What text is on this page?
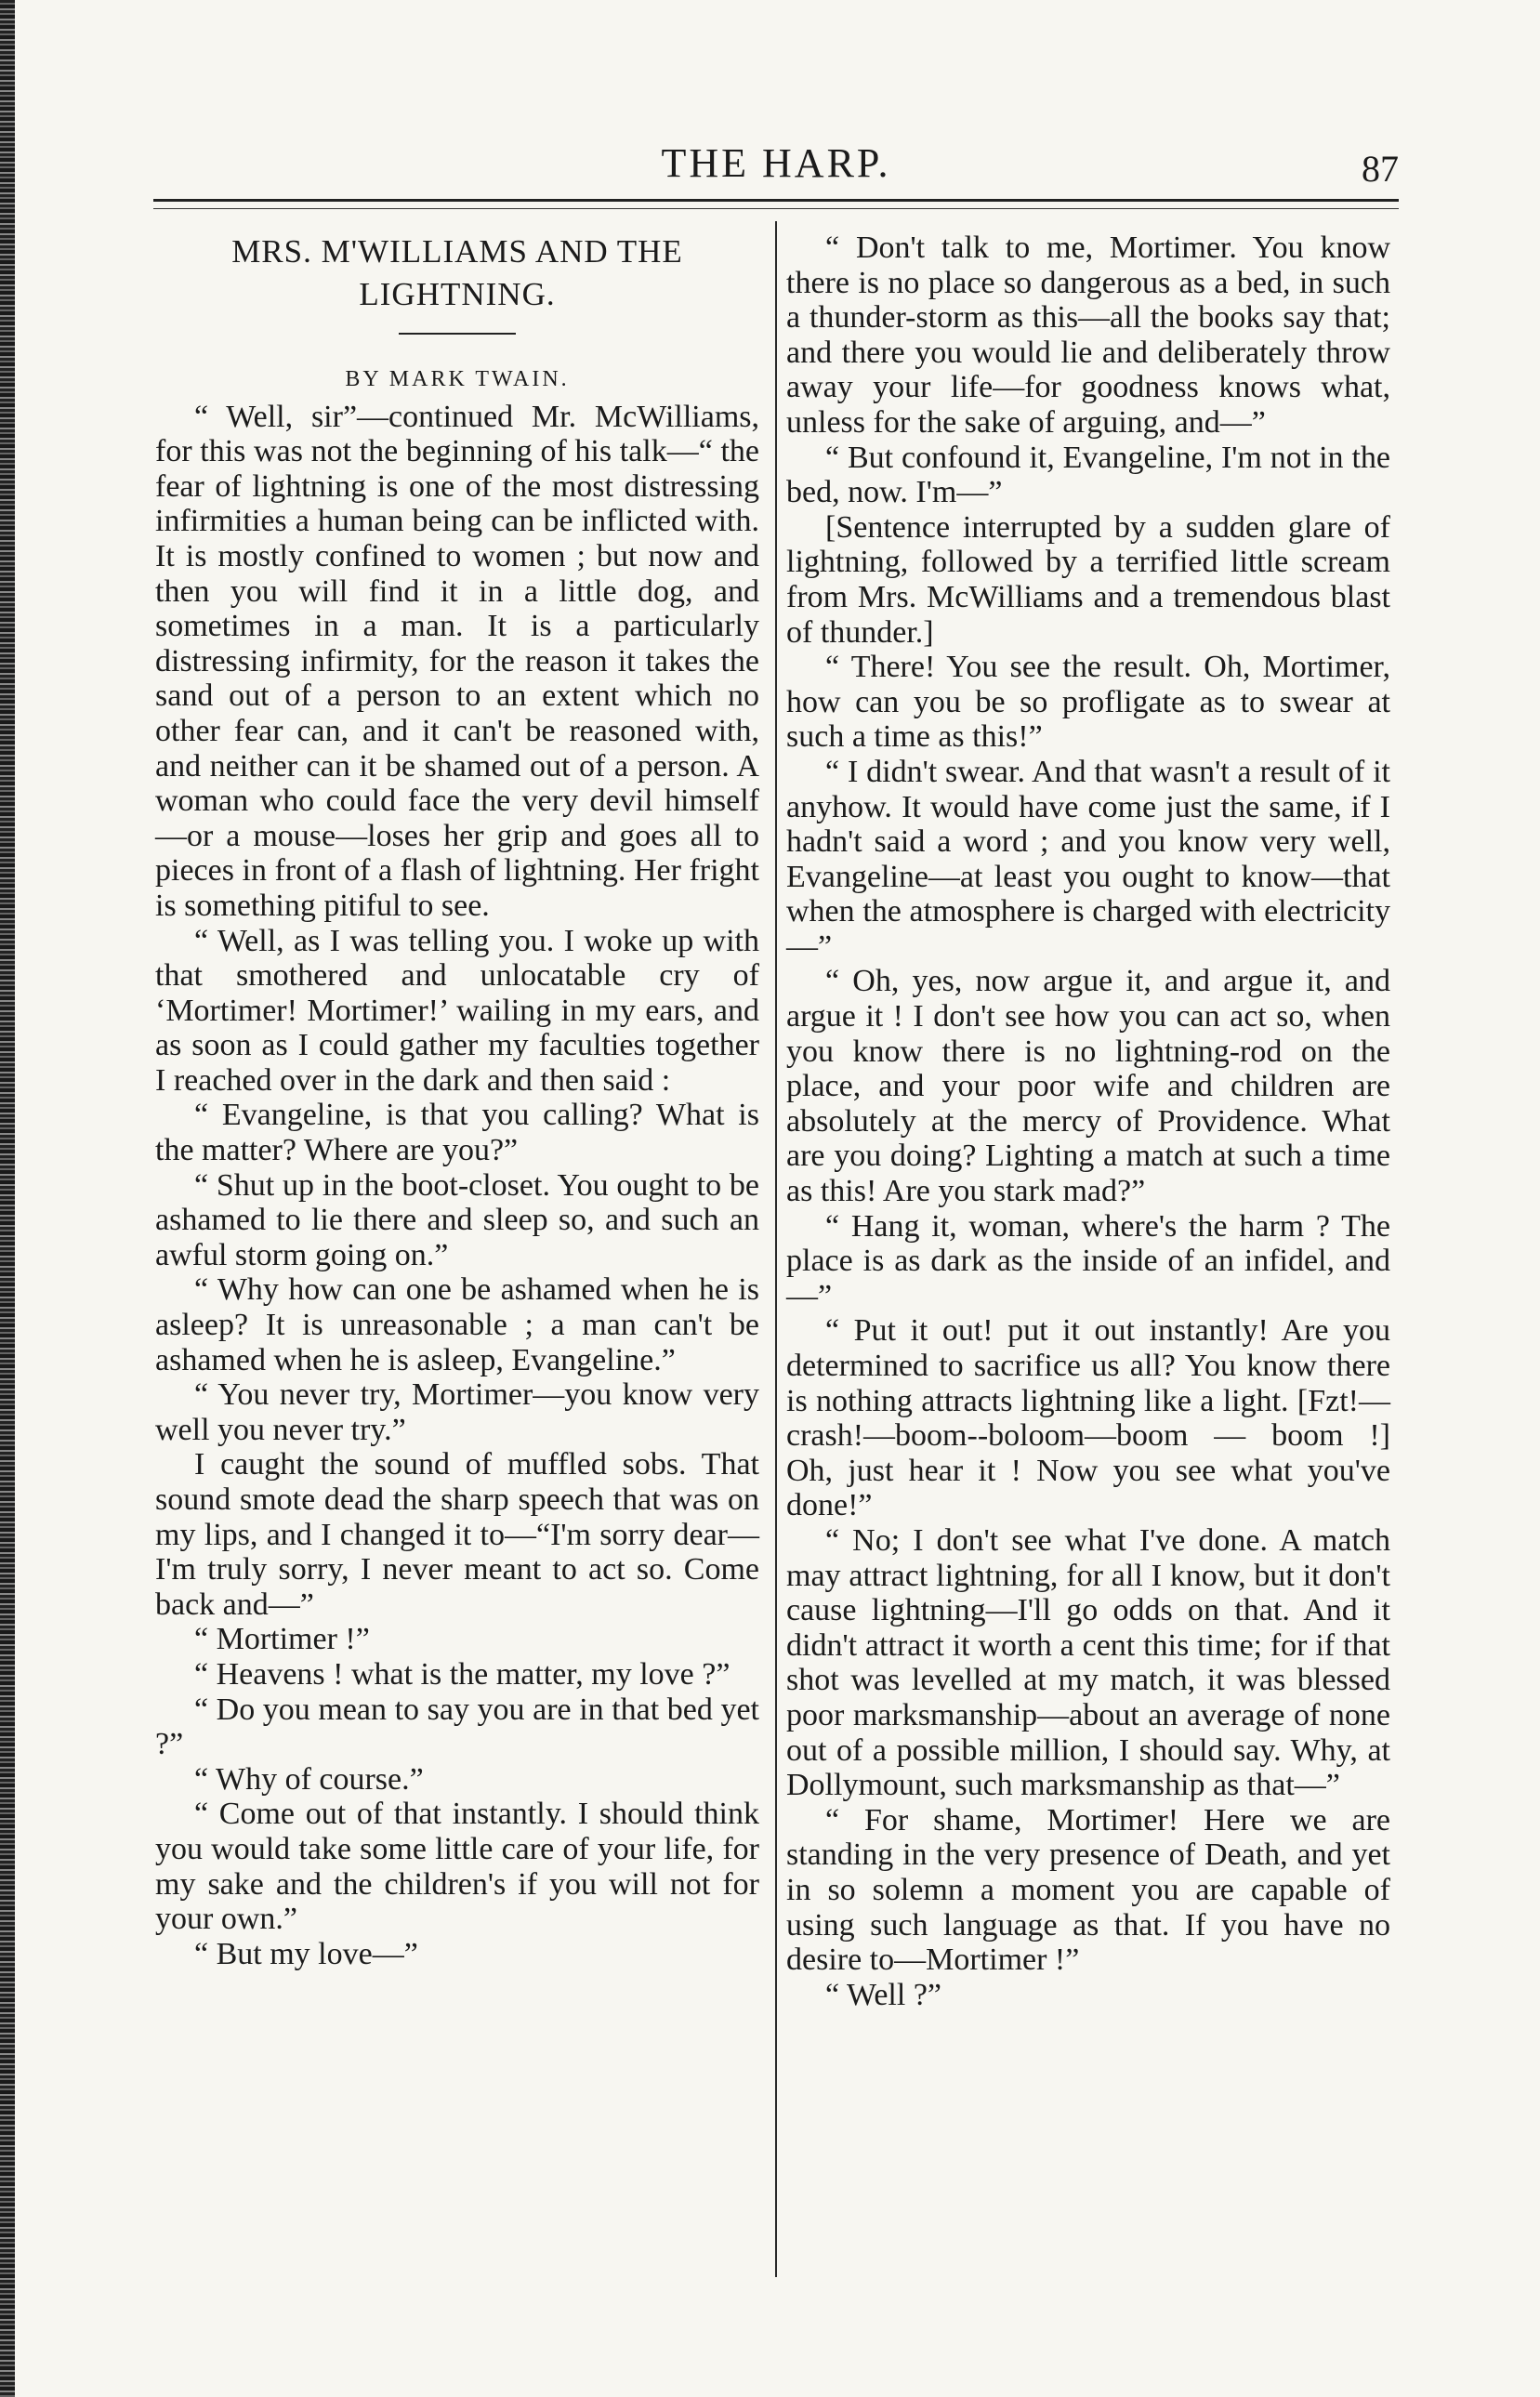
THE HARP.	87
MRS. M'WILLIAMS AND THE LIGHTNING.
BY MARK TWAIN.

“ Well, sir”—continued Mr. McWilliams, for this was not the beginning of his talk—“ the fear of lightning is one of the most distressing infirmities a human being can be inflicted with. It is mostly confined to women ; but now and then you will find it in a little dog, and sometimes in a man. It is a particularly distressing infirmity, for the reason it takes the sand out of a person to an extent which no other fear can, and it can't be reasoned with, and neither can it be shamed out of a person. A woman who could face the very devil himself—or a mouse—loses her grip and goes all to pieces in front of a flash of lightning. Her fright is something pitiful to see.

“ Well, as I was telling you. I woke up with that smothered and unlocatable cry of ‘Mortimer! Mortimer!’ wailing in my ears, and as soon as I could gather my faculties together I reached over in the dark and then said :

“ Evangeline, is that you calling? What is the matter? Where are you?”

“ Shut up in the boot-closet. You ought to be ashamed to lie there and sleep so, and such an awful storm going on.”

“ Why how can one be ashamed when he is asleep? It is unreasonable ; a man can't be ashamed when he is asleep, Evangeline.”

“ You never try, Mortimer—you know very well you never try.”

I caught the sound of muffled sobs. That sound smote dead the sharp speech that was on my lips, and I changed it to—“I'm sorry dear—I'm truly sorry, I never meant to act so. Come back and—”

“ Mortimer !”

“ Heavens ! what is the matter, my love ?”

“ Do you mean to say you are in that bed yet ?”

“ Why of course.”

“ Come out of that instantly. I should think you would take some little care of your life, for my sake and the children's if you will not for your own.”

“ But my love—”

“ Don't talk to me, Mortimer. You know there is no place so dangerous as a bed, in such a thunder-storm as this—all the books say that; and there you would lie and deliberately throw away your life—for goodness knows what, unless for the sake of arguing, and—”

“ But confound it, Evangeline, I'm not in the bed, now. I'm—”

[Sentence interrupted by a sudden glare of lightning, followed by a terrified little scream from Mrs. McWilliams and a tremendous blast of thunder.]

“ There! You see the result. Oh, Mortimer, how can you be so profligate as to swear at such a time as this!”

“ I didn't swear. And that wasn't a result of it anyhow. It would have come just the same, if I hadn't said a word ; and you know very well, Evangeline—at least you ought to know—that when the atmosphere is charged with electricity—”

“ Oh, yes, now argue it, and argue it, and argue it ! I don't see how you can act so, when you know there is no lightning-rod on the place, and your poor wife and children are absolutely at the mercy of Providence. What are you doing? Lighting a match at such a time as this! Are you stark mad?”

“ Hang it, woman, where's the harm ? The place is as dark as the inside of an infidel, and—”

“ Put it out! put it out instantly! Are you determined to sacrifice us all? You know there is nothing attracts lightning like a light. [Fzt!—crash!—boom--boloom—boom — boom !] Oh, just hear it ! Now you see what you've done!”

“ No; I don't see what I've done. A match may attract lightning, for all I know, but it don't cause lightning—I'll go odds on that. And it didn't attract it worth a cent this time; for if that shot was levelled at my match, it was blessed poor marksmanship—about an average of none out of a possible million, I should say. Why, at Dollymount, such marksmanship as that—”

“ For shame, Mortimer! Here we are standing in the very presence of Death, and yet in so solemn a moment you are capable of using such language as that. If you have no desire to—Mortimer !”

“ Well ?”
